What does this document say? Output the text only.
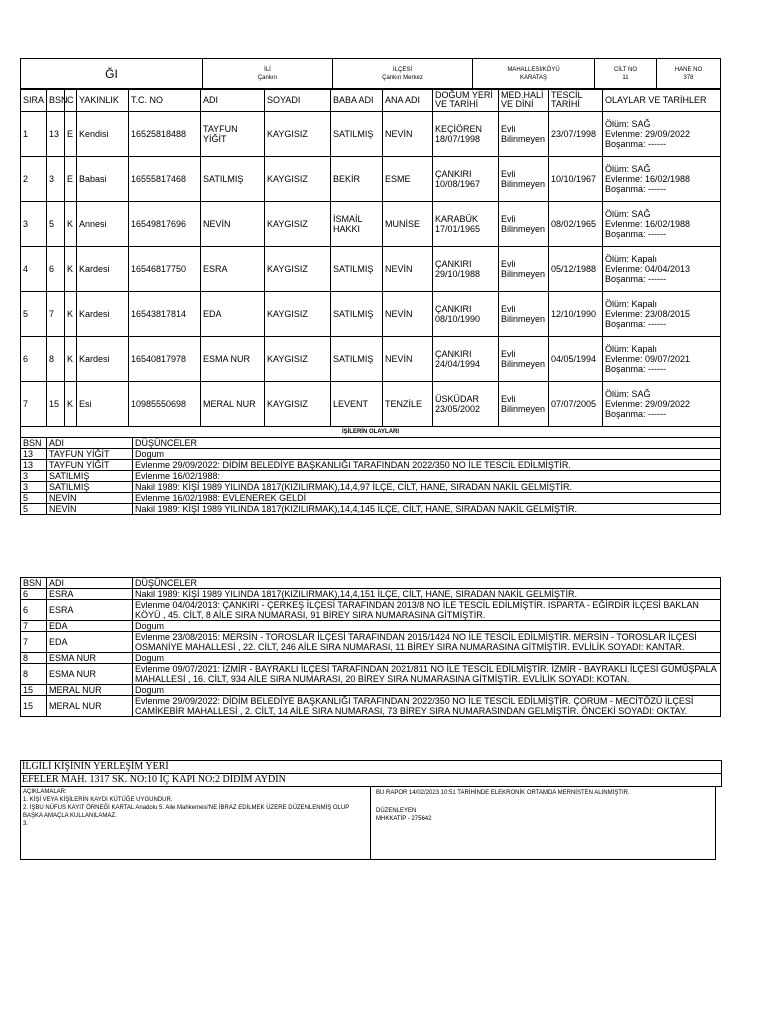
ĞI	İLİ
Çankırı

İLÇESİ
Çankırı Merkez

MAHALLESİ/KÖYÜ
KARATAŞ

CİLT NO
11

HANE NO
378
SIRA	BSN	C	YAKINLIK	T.C. NO	ADI	SOYADI	BABA ADI	ANA ADI	DOĞUM YERİ VE TARİHİ	MED.HALİ VE DİNİ	TESCİL TARİHİ	OLAYLAR VE TARİHLER
1	13	E	Kendisi	16525818488	TAYFUN YİĞİT	KAYGISIZ	SATILMIŞ	NEVİN	KEÇİÖREN 18/07/1998	Evli Bilinmeyen	23/07/1998	Ölüm: SAĞ
Evlenme: 29/09/2022
Boşanma: ------

2	3	E	Babasi	16555817468	SATILMIŞ	KAYGISIZ	BEKİR	ESME	ÇANKIRI 10/08/1967	Evli Bilinmeyen	10/10/1967	Ölüm: SAĞ
Evlenme: 16/02/1988
Boşanma: ------

3	5	K	Annesi	16549817696	NEVİN	KAYGISIZ	İSMAİL HAKKI	MUNİSE	KARABÜK 17/01/1965	Evli Bilinmeyen	08/02/1965	Ölüm: SAĞ
Evlenme: 16/02/1988
Boşanma: ------

4	6	K	Kardesi	16546817750	ESRA	KAYGISIZ	SATILMIŞ	NEVİN	ÇANKIRI 29/10/1988	Evli Bilinmeyen	05/12/1988	Ölüm: Kapalı
Evlenme: 04/04/2013
Boşanma: ------

5	7	K	Kardesi	16543817814	EDA	KAYGISIZ	SATILMIŞ	NEVİN	ÇANKIRI 08/10/1990	Evli Bilinmeyen	12/10/1990	Ölüm: Kapalı
Evlenme: 23/08/2015
Boşanma: ------

6	8	K	Kardesi	16540817978	ESMA NUR	KAYGISIZ	SATILMIŞ	NEVİN	ÇANKIRI 24/04/1994	Evli Bilinmeyen	04/05/1994	Ölüm: Kapalı
Evlenme: 09/07/2021
Boşanma: ------

7	15	K	Esi	10985550698	MERAL NUR	KAYGISIZ	LEVENT	TENZİLE	ÜSKÜDAR 23/05/2002	Evli Bilinmeyen	07/07/2005	Ölüm: SAĞ
Evlenme: 29/09/2022
Boşanma: ------
İŞİLERİN OLAYLARI		
BSN	ADI	DÜŞÜNCELER
13	TAYFUN YİĞİT	Dogum
13	TAYFUN YİĞİT	Evlenme 29/09/2022: DİDİM BELEDİYE BAŞKANLIĞI TARAFINDAN 2022/350 NO İLE TESCİL EDİLMİŞTİR.
3	SATILMIŞ	Evlenme 16/02/1988:
3	SATILMIŞ	Nakil 1989: KİŞİ 1989 YILINDA 1817(KIZILIRMAK),14,4,97 İLÇE, CİLT, HANE, SIRADAN NAKİL GELMİŞTİR.
5	NEVİN	Evlenme 16/02/1988: EVLENEREK GELDİ
5	NEVİN	Nakil 1989: KİŞİ 1989 YILINDA 1817(KIZILIRMAK),14,4,145 İLÇE, CİLT, HANE, SIRADAN NAKİL GELMİŞTİR.
BSN	ADI	DÜŞÜNCELER
6	ESRA	Nakil 1989: KİŞİ 1989 YILINDA 1817(KIZILIRMAK),14,4,151 İLÇE, CİLT, HANE, SIRADAN NAKİL GELMİŞTİR.
6	ESRA	Evlenme 04/04/2013: ÇANKIRI - ÇERKEŞ İLÇESİ TARAFINDAN 2013/8 NO İLE TESCİL EDİLMİŞTİR. ISPARTA - EĞİRDİR İLÇESİ BAKLAN KÖYÜ , 45. CİLT, 8 AİLE SIRA NUMARASI, 91 BİREY SIRA NUMARASINA GİTMİŞTİR.
7	EDA	Dogum
7	EDA	Evlenme 23/08/2015: MERSİN - TOROSLAR İLÇESİ TARAFINDAN 2015/1424 NO İLE TESCİL EDİLMİŞTİR. MERSİN - TOROSLAR İLÇESİ OSMANİYE MAHALLESİ , 22. CİLT, 246 AİLE SIRA NUMARASI, 11 BİREY SIRA NUMARASINA GİTMİŞTİR. EVLİLİK SOYADI: KANTAR.
8	ESMA NUR	Dogum
8	ESMA NUR	Evlenme 09/07/2021: İZMİR - BAYRAKLI İLÇESİ TARAFINDAN 2021/811 NO İLE TESCİL EDİLMİŞTİR. İZMİR - BAYRAKLI İLÇESİ GÜMÜŞPALA MAHALLESİ , 16. CİLT, 934 AİLE SIRA NUMARASI, 20 BİREY SIRA NUMARASINA GİTMİŞTİR. EVLİLİK SOYADI: KOTAN.
15	MERAL NUR	Dogum
15	MERAL NUR	Evlenme 29/09/2022: DİDİM BELEDİYE BAŞKANLIĞI TARAFINDAN 2022/350 NO İLE TESCİL EDİLMİŞTİR. ÇORUM - MECİTÖZÜ İLÇESİ CAMİKEBİR MAHALLESİ , 2. CİLT, 14 AİLE SIRA NUMARASI, 73 BİREY SIRA NUMARASINDAN GELMİŞTİR. ÖNCEKİ SOYADI: OKTAY.
İLGİLİ KİŞİNİN YERLEŞİM YERİ
EFELER MAH. 1317 SK. NO:10 İÇ KAPI NO:2 DİDİM AYDIN
AÇIKLAMALAR:
1. KİŞİ VEYA KİŞİLERİN KAYDI KÜTÜĞE UYGUNDUR.
2. İŞBU NÜFUS KAYIT ÖRNEĞİ KARTAL Anadolu 5. Aile Mahkemesi'NE İBRAZ EDİLMEK ÜZERE DÜZENLENMİŞ OLUP BAŞKA AMAÇLA KULLANILAMAZ.
3.
BU RAPOR 14/02/2023 10:51 TARİHİNDE ELEKRONİK ORTAMDA MERNİSTEN ALINMIŞTIR.
DÜZENLEYEN
MHKKATİP - 275642
